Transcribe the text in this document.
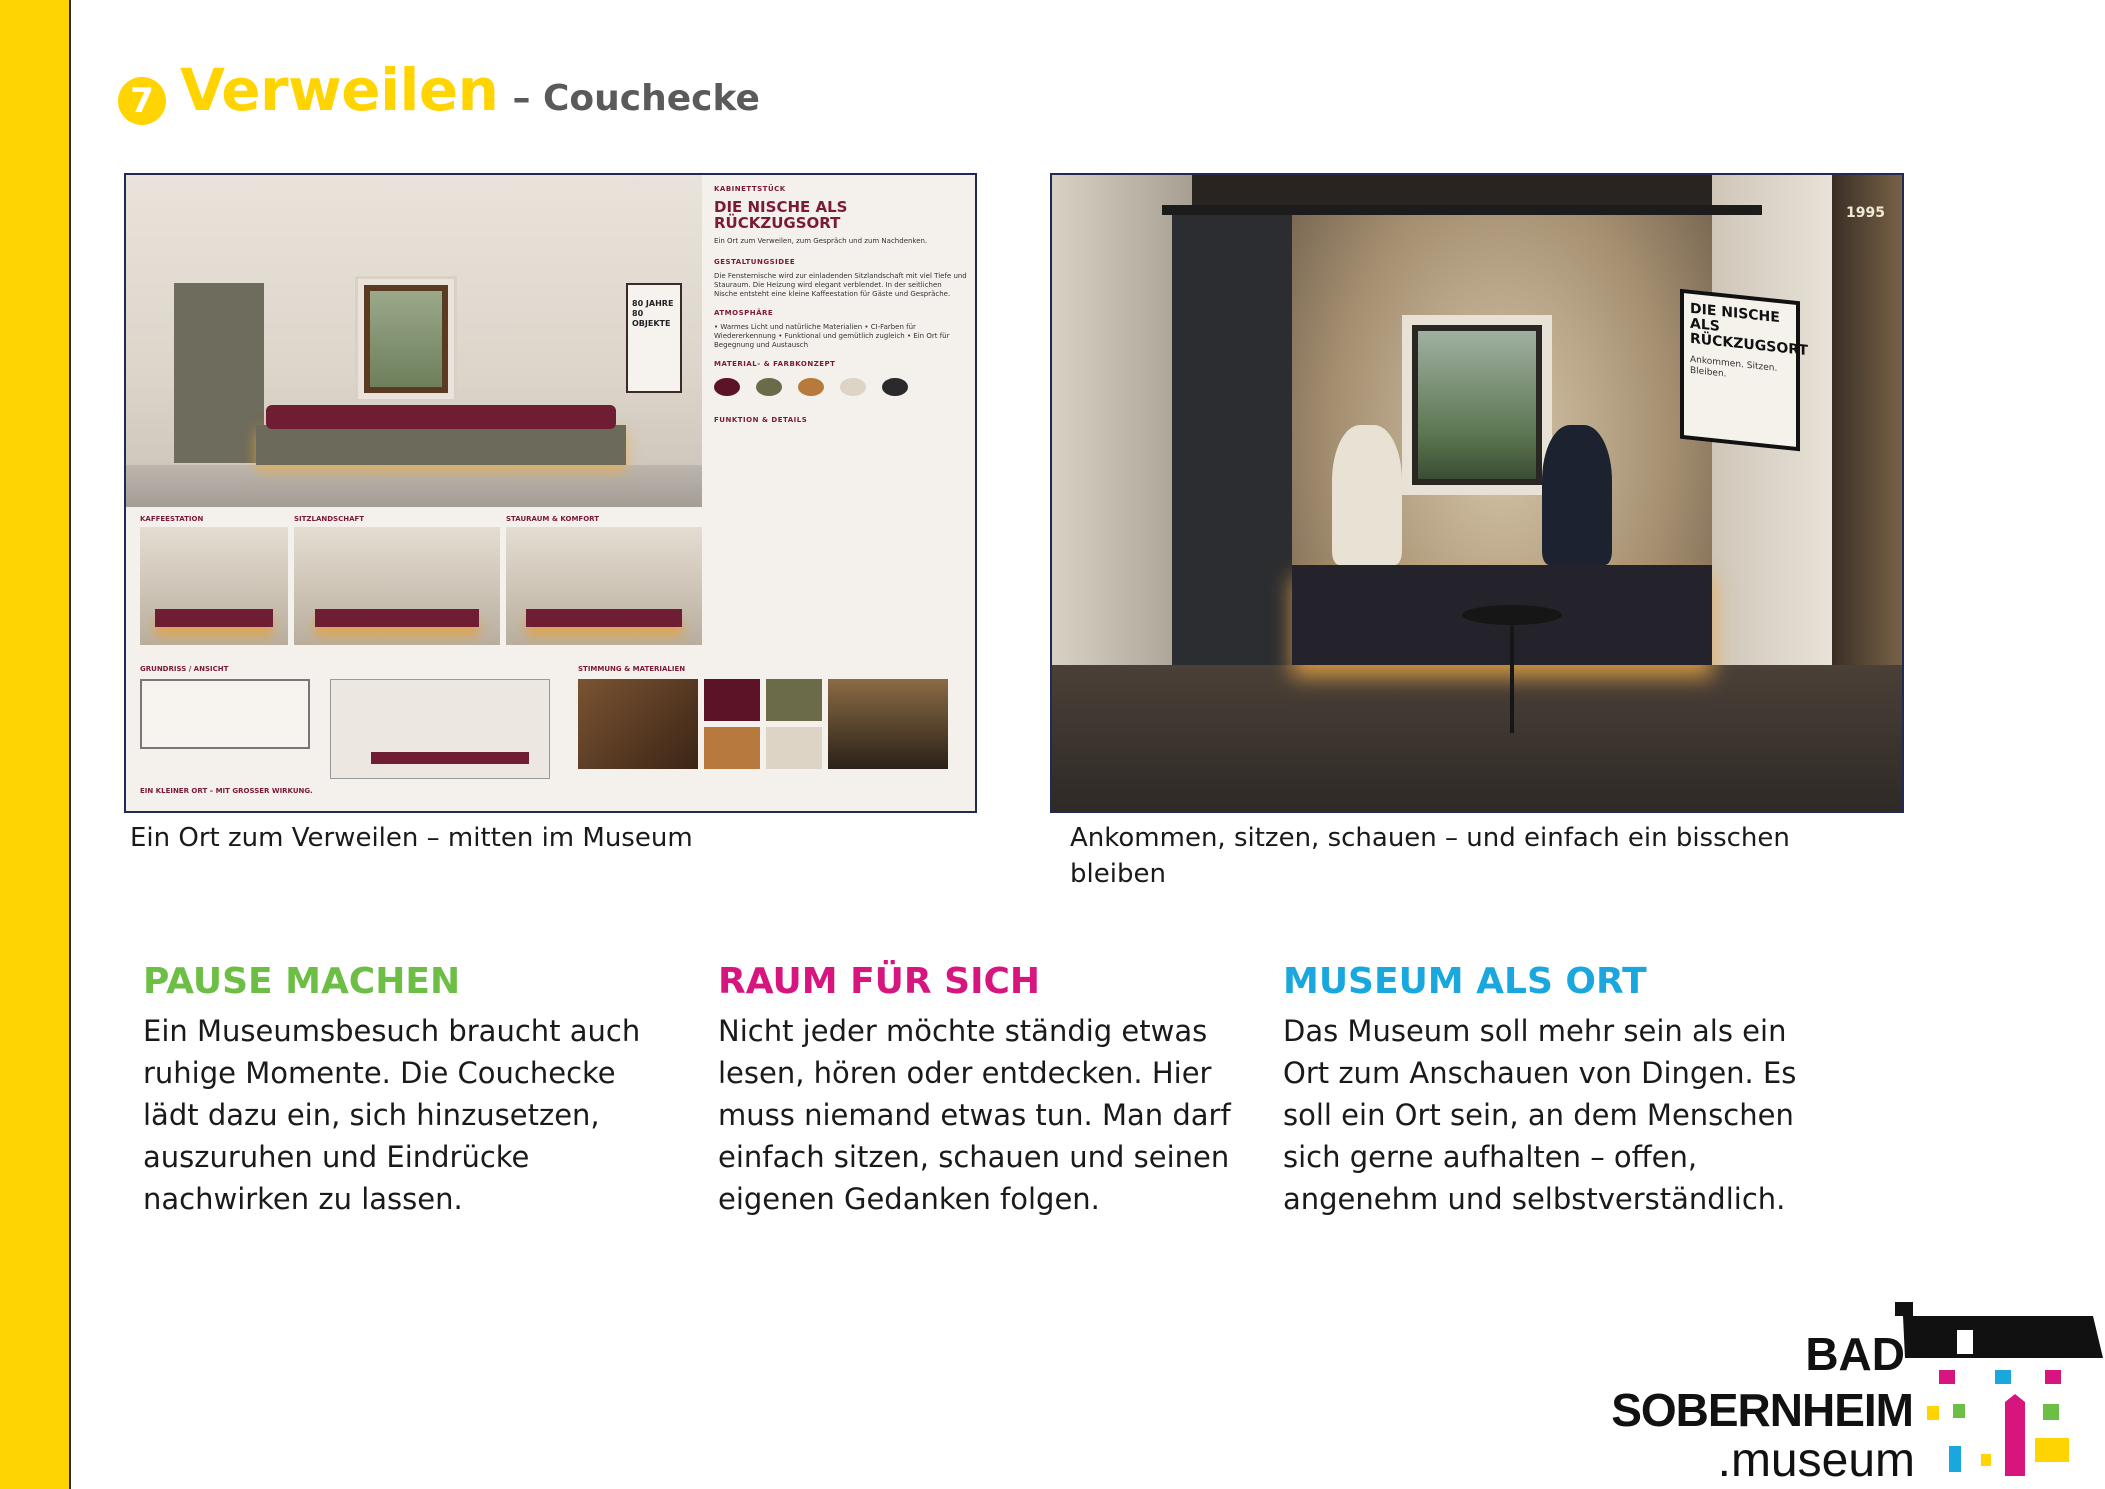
7 Verweilen – Couchecke
80 JAHRE 80 OBJEKTE
KABINETTSTÜCK
DIE NISCHE ALS RÜCKZUGSORT
Ein Ort zum Verweilen, zum Gespräch und zum Nachdenken.
GESTALTUNGSIDEE
Die Fensternische wird zur einladenden Sitzlandschaft mit viel Tiefe und Stauraum. Die Heizung wird elegant verblendet. In der seitlichen Nische entsteht eine kleine Kaffeestation für Gäste und Gespräche.
ATMOSPHÄRE
• Warmes Licht und natürliche Materialien • CI-Farben für Wiedererkennung • Funktional und gemütlich zugleich • Ein Ort für Begegnung und Austausch
MATERIAL- & FARBKONZEPT
FUNKTION & DETAILS
KAFFEESTATION	SITZLANDSCHAFT	STAURAUM & KOMFORT
GRUNDRISS / ANSICHT
EIN KLEINER ORT – MIT GROSSER WIRKUNG.
STIMMUNG & MATERIALIEN
1995
DIE NISCHE ALS RÜCKZUGSORT
Ankommen. Sitzen. Bleiben.
Ein Ort zum Verweilen – mitten im Museum	Ankommen, sitzen, schauen – und einfach ein bisschen bleiben
PAUSE MACHEN
Ein Museumsbesuch braucht auch ruhige Momente. Die Couchecke lädt dazu ein, sich hinzusetzen, auszuruhen und Eindrücke nachwirken zu lassen.
RAUM FÜR SICH
Nicht jeder möchte ständig etwas lesen, hören oder entdecken. Hier muss niemand etwas tun. Man darf einfach sitzen, schauen und seinen eigenen Gedanken folgen.
MUSEUM ALS ORT
Das Museum soll mehr sein als ein Ort zum Anschauen von Dingen. Es soll ein Ort sein, an dem Menschen sich gerne aufhalten – offen, angenehm und selbstverständlich.
BAD
SOBERNHEIM
.museum
